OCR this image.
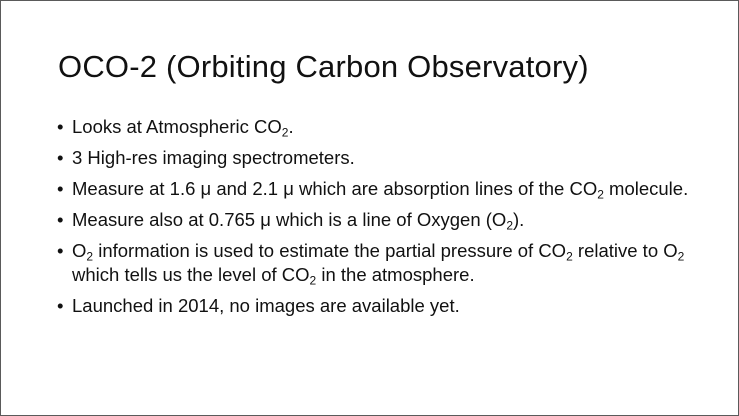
OCO-2 (Orbiting Carbon Observatory)
• Looks at Atmospheric $CO_2$.
• 3 High-res imaging spectrometers.
• Measure at 1.6 μ and 2.1 μ which are absorption lines of the $CO_2$ molecule.
• Measure also at 0.765 μ which is a line of Oxygen $(O_2)$.
• $O_2$ information is used to estimate the partial pressure of $CO_2$ relative to $O_2$ which tells us the level of $CO_2$ in the atmosphere.
• Launched in 2014, no images are available yet.
